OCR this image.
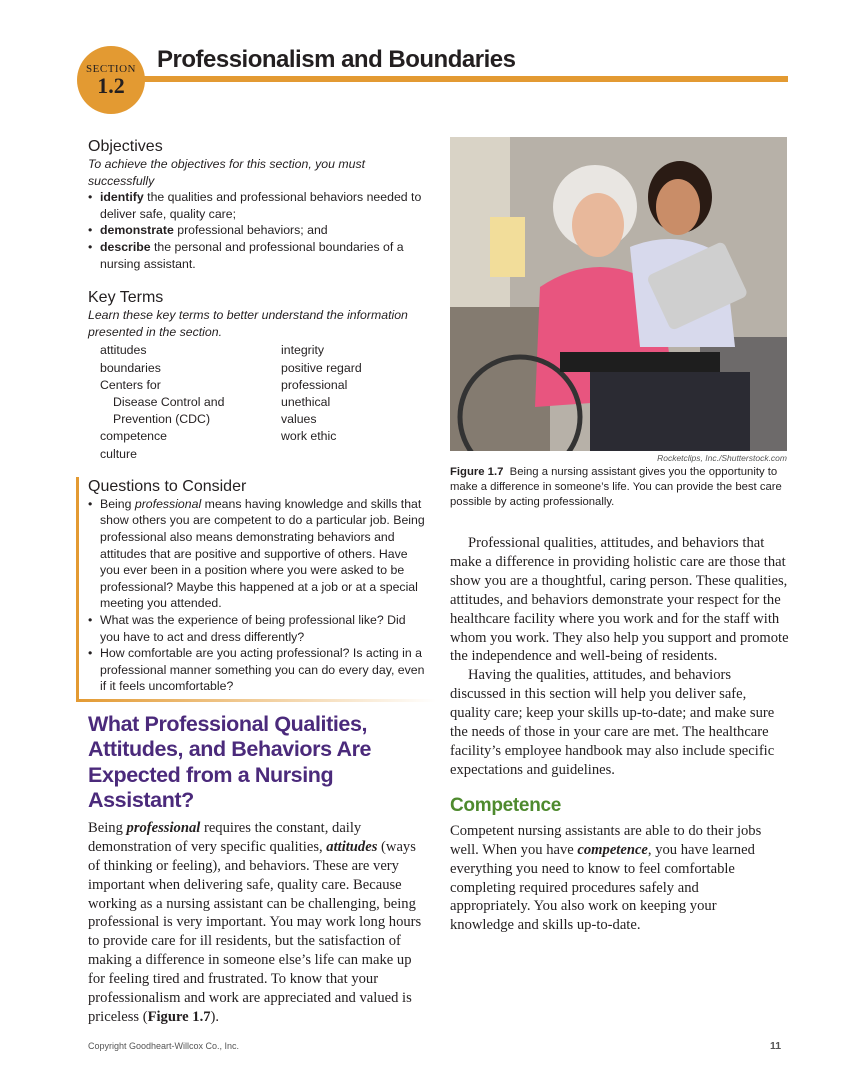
SECTION
1.2
Professionalism and Boundaries
Objectives
To achieve the objectives for this section, you must successfully
• identify the qualities and professional behaviors needed to deliver safe, quality care;
• demonstrate professional behaviors; and
• describe the personal and professional boundaries of a nursing assistant.
Key Terms
Learn these key terms to better understand the information presented in the section.
attitudes
boundaries
Centers for
Disease Control and
Prevention (CDC)
competence
culture
integrity
positive regard
professional
unethical
values
work ethic
Questions to Consider
• Being professional means having knowledge and skills that show others you are competent to do a particular job. Being professional also means demonstrating behaviors and attitudes that are positive and supportive of others. Have you ever been in a position where you were asked to be professional? Maybe this happened at a job or at a special meeting you attended.
• What was the experience of being professional like? Did you have to act and dress differently?
• How comfortable are you acting professional? Is acting in a professional manner something you can do every day, even if it feels uncomfortable?
What Professional Qualities, Attitudes, and Behaviors Are Expected from a Nursing Assistant?

Being professional requires the constant, daily demonstration of very specific qualities, attitudes (ways of thinking or feeling), and behaviors. These are very important when delivering safe, quality care. Because working as a nursing assistant can be challenging, being professional is very important. You may work long hours to provide care for ill residents, but the satisfaction of making a difference in someone else’s life can make up for feeling tired and frustrated. To know that your professionalism and work are appreciated and valued is priceless (Figure 1.7).

Rocketclips, Inc./Shutterstock.com
Figure 1.7 Being a nursing assistant gives you the opportunity to make a difference in someone’s life. You can provide the best care possible by acting professionally.

Professional qualities, attitudes, and behaviors that make a difference in providing holistic care are those that show you are a thoughtful, caring person. These qualities, attitudes, and behaviors demonstrate your respect for the healthcare facility where you work and for the staff with whom you work. They also help you support and promote the independence and well-being of residents.

Having the qualities, attitudes, and behaviors discussed in this section will help you deliver safe, quality care; keep your skills up-to-date; and make sure the needs of those in your care are met. The healthcare facility’s employee handbook may also include specific expectations and guidelines.

Competence

Competent nursing assistants are able to do their jobs well. When you have competence, you have learned everything you need to know to feel comfortable completing required procedures safely and appropriately. You also work on keeping your knowledge and skills up-to-date.

Copyright Goodheart-Willcox Co., Inc.	11
